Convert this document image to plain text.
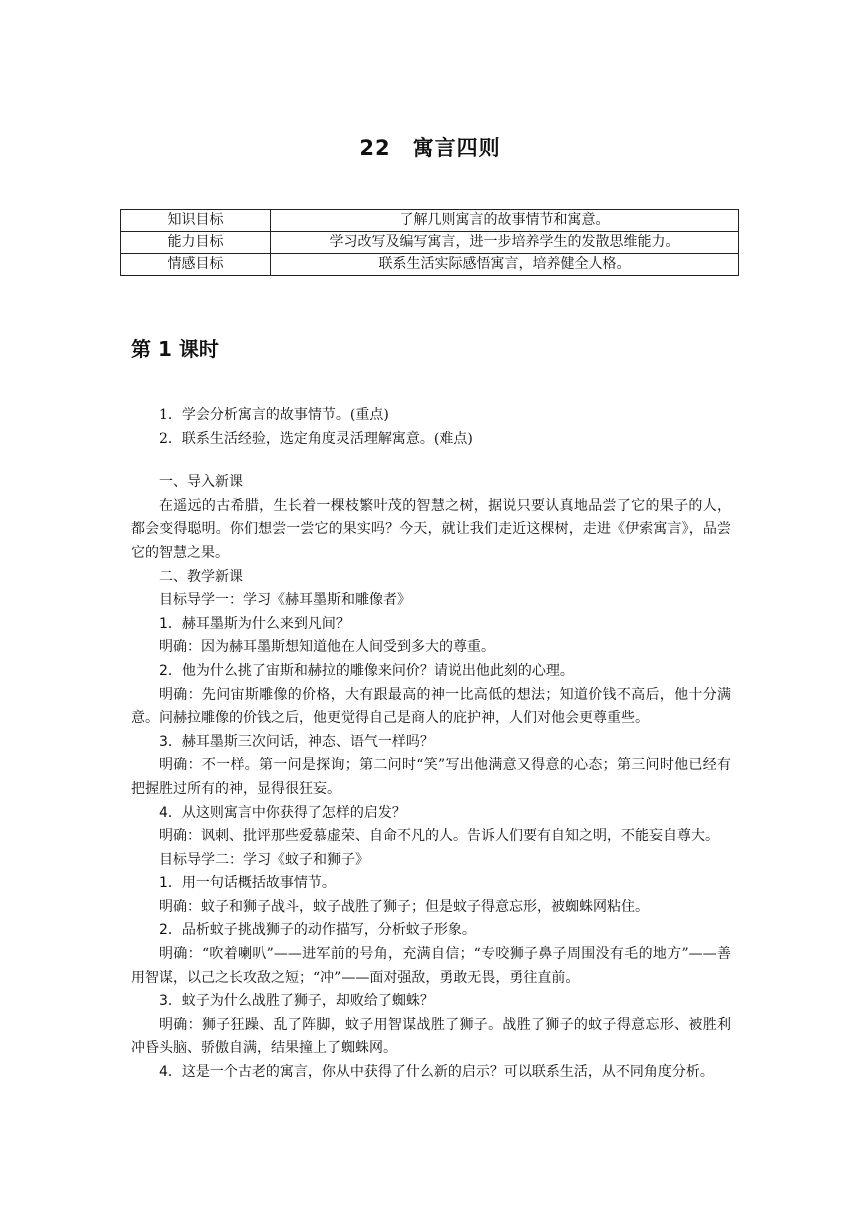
22　寓言四则
知识目标	了解几则寓言的故事情节和寓意。
能力目标	学习改写及编写寓言，进一步培养学生的发散思维能力。
情感目标	联系生活实际感悟寓言，培养健全人格。
第 1 课时

1．学会分析寓言的故事情节。(重点)

2．联系生活经验，选定角度灵活理解寓意。(难点)

一、导入新课

在遥远的古希腊，生长着一棵枝繁叶茂的智慧之树，据说只要认真地品尝了它的果子的人，都会变得聪明。你们想尝一尝它的果实吗？今天，就让我们走近这棵树，走进《伊索寓言》，品尝它的智慧之果。

二、教学新课

目标导学一：学习《赫耳墨斯和雕像者》

1．赫耳墨斯为什么来到凡间？

明确：因为赫耳墨斯想知道他在人间受到多大的尊重。

2．他为什么挑了宙斯和赫拉的雕像来问价？请说出他此刻的心理。

明确：先问宙斯雕像的价格，大有跟最高的神一比高低的想法；知道价钱不高后，他十分满意。问赫拉雕像的价钱之后，他更觉得自己是商人的庇护神，人们对他会更尊重些。

3．赫耳墨斯三次问话，神态、语气一样吗？

明确：不一样。第一问是探询；第二问时“笑”写出他满意又得意的心态；第三问时他已经有把握胜过所有的神，显得很狂妄。

4．从这则寓言中你获得了怎样的启发？

明确：讽刺、批评那些爱慕虚荣、自命不凡的人。告诉人们要有自知之明，不能妄自尊大。

目标导学二：学习《蚊子和狮子》

1．用一句话概括故事情节。

明确：蚊子和狮子战斗，蚊子战胜了狮子；但是蚊子得意忘形，被蜘蛛网粘住。

2．品析蚊子挑战狮子的动作描写，分析蚊子形象。

明确：“吹着喇叭”——进军前的号角，充满自信；“专咬狮子鼻子周围没有毛的地方”——善用智谋，以己之长攻敌之短；“冲”——面对强敌，勇敢无畏，勇往直前。

3．蚊子为什么战胜了狮子，却败给了蜘蛛？

明确：狮子狂躁、乱了阵脚，蚊子用智谋战胜了狮子。战胜了狮子的蚊子得意忘形、被胜利冲昏头脑、骄傲自满，结果撞上了蜘蛛网。

4．这是一个古老的寓言，你从中获得了什么新的启示？可以联系生活，从不同角度分析。
